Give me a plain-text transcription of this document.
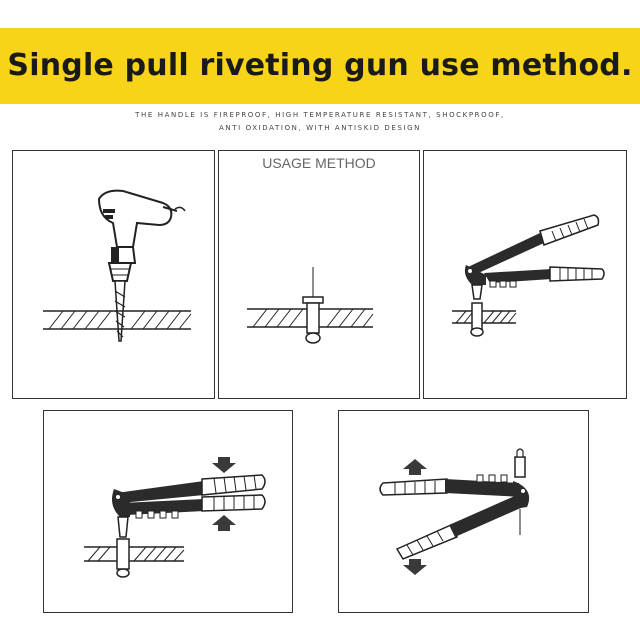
Single pull riveting gun use method.
THE HANDLE IS FIREPROOF, HIGH TEMPERATURE RESISTANT, SHOCKPROOF,
ANTI OXIDATION, WITH ANTISKID DESIGN
USAGE METHOD
